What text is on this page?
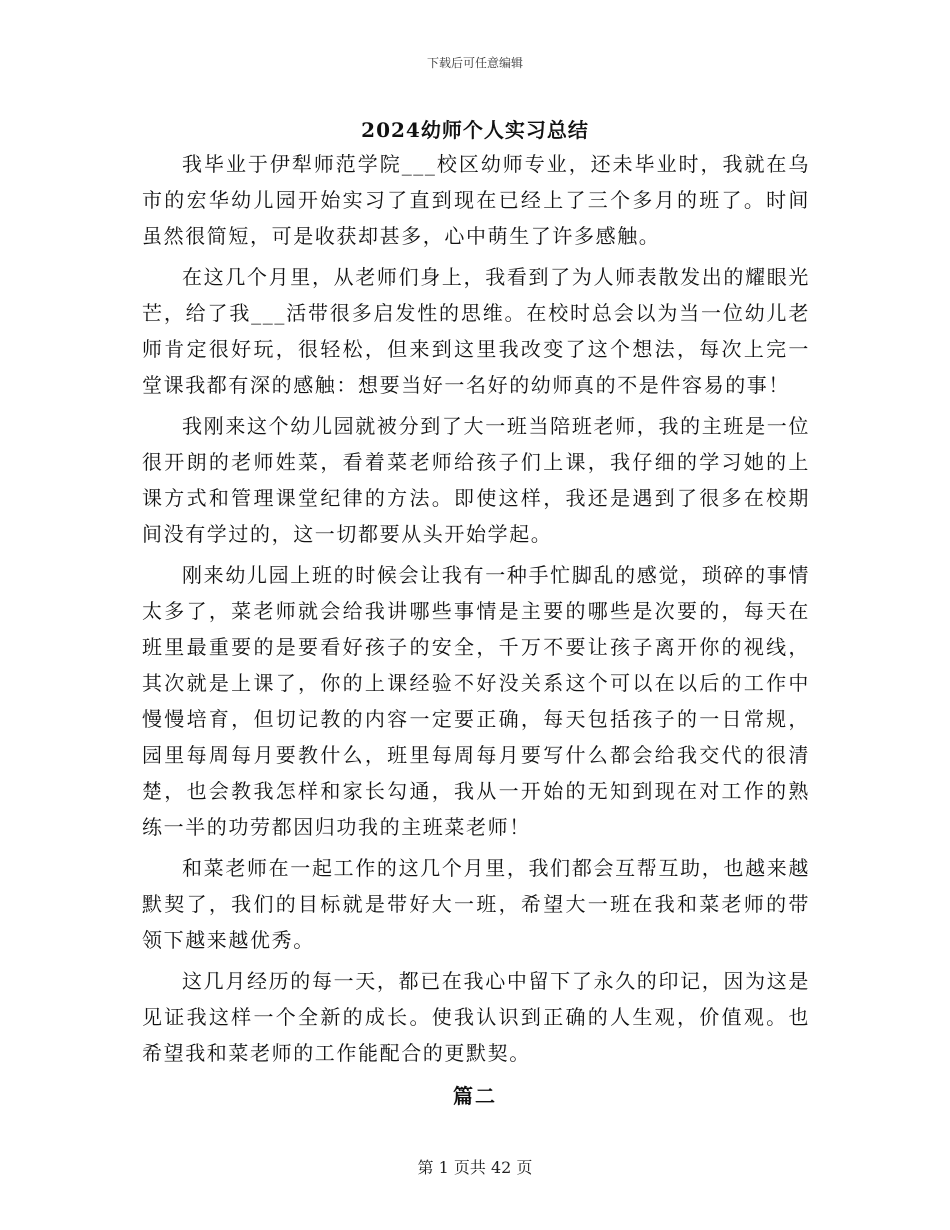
下载后可任意编辑
2024幼师个人实习总结

我毕业于伊犁师范学院___校区幼师专业，还未毕业时，我就在乌市的宏华幼儿园开始实习了直到现在已经上了三个多月的班了。时间虽然很简短，可是收获却甚多，心中萌生了许多感触。

在这几个月里，从老师们身上，我看到了为人师表散发出的耀眼光芒，给了我___活带很多启发性的思维。在校时总会以为当一位幼儿老师肯定很好玩，很轻松，但来到这里我改变了这个想法，每次上完一堂课我都有深的感触：想要当好一名好的幼师真的不是件容易的事！

我刚来这个幼儿园就被分到了大一班当陪班老师，我的主班是一位很开朗的老师姓菜，看着菜老师给孩子们上课，我仔细的学习她的上课方式和管理课堂纪律的方法。即使这样，我还是遇到了很多在校期间没有学过的，这一切都要从头开始学起。

刚来幼儿园上班的时候会让我有一种手忙脚乱的感觉，琐碎的事情太多了，菜老师就会给我讲哪些事情是主要的哪些是次要的，每天在班里最重要的是要看好孩子的安全，千万不要让孩子离开你的视线，其次就是上课了，你的上课经验不好没关系这个可以在以后的工作中慢慢培育，但切记教的内容一定要正确，每天包括孩子的一日常规，园里每周每月要教什么，班里每周每月要写什么都会给我交代的很清楚，也会教我怎样和家长勾通，我从一开始的无知到现在对工作的熟练一半的功劳都因归功我的主班菜老师！

和菜老师在一起工作的这几个月里，我们都会互帮互助，也越来越默契了，我们的目标就是带好大一班，希望大一班在我和菜老师的带领下越来越优秀。

这几月经历的每一天，都已在我心中留下了永久的印记，因为这是见证我这样一个全新的成长。使我认识到正确的人生观，价值观。也希望我和菜老师的工作能配合的更默契。

篇二
第 1 页共 42 页
